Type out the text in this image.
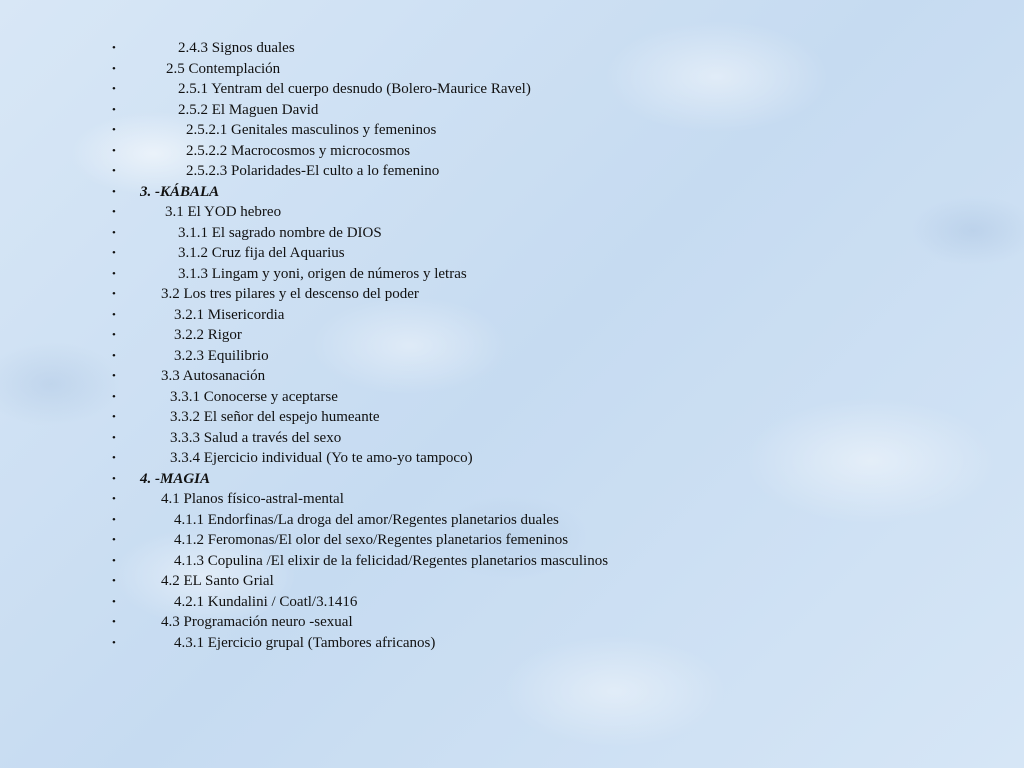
•	2.4.3 Signos duales
•	2.5 Contemplación
•	2.5.1 Yentram del cuerpo desnudo (Bolero-Maurice Ravel)
•	2.5.2 El Maguen David
•	2.5.2.1 Genitales masculinos y femeninos
•	2.5.2.2 Macrocosmos y microcosmos
•	2.5.2.3 Polaridades-El culto a lo femenino
• 3. -KÁBALA
•	3.1 El YOD hebreo
•	3.1.1 El sagrado nombre de DIOS
•	3.1.2 Cruz fija del Aquarius
•	3.1.3 Lingam y yoni, origen de números y letras
•	3.2 Los tres pilares y el descenso del poder
•	3.2.1 Misericordia
•	3.2.2 Rigor
•	3.2.3 Equilibrio
•	3.3 Autosanación
•	3.3.1 Conocerse y aceptarse
•	3.3.2 El señor del espejo humeante
•	3.3.3 Salud a través del sexo
•	3.3.4 Ejercicio individual (Yo te amo-yo tampoco)
• 4. -MAGIA
•	4.1 Planos físico-astral-mental
•	4.1.1 Endorfinas/La droga del amor/Regentes planetarios duales
•	4.1.2 Feromonas/El olor del sexo/Regentes planetarios femeninos
•	4.1.3 Copulina /El elixir de la felicidad/Regentes planetarios masculinos
•	4.2 EL Santo Grial
•	4.2.1 Kundalini / Coatl/3.1416
•	4.3 Programación neuro -sexual
•	4.3.1 Ejercicio grupal (Tambores africanos)
